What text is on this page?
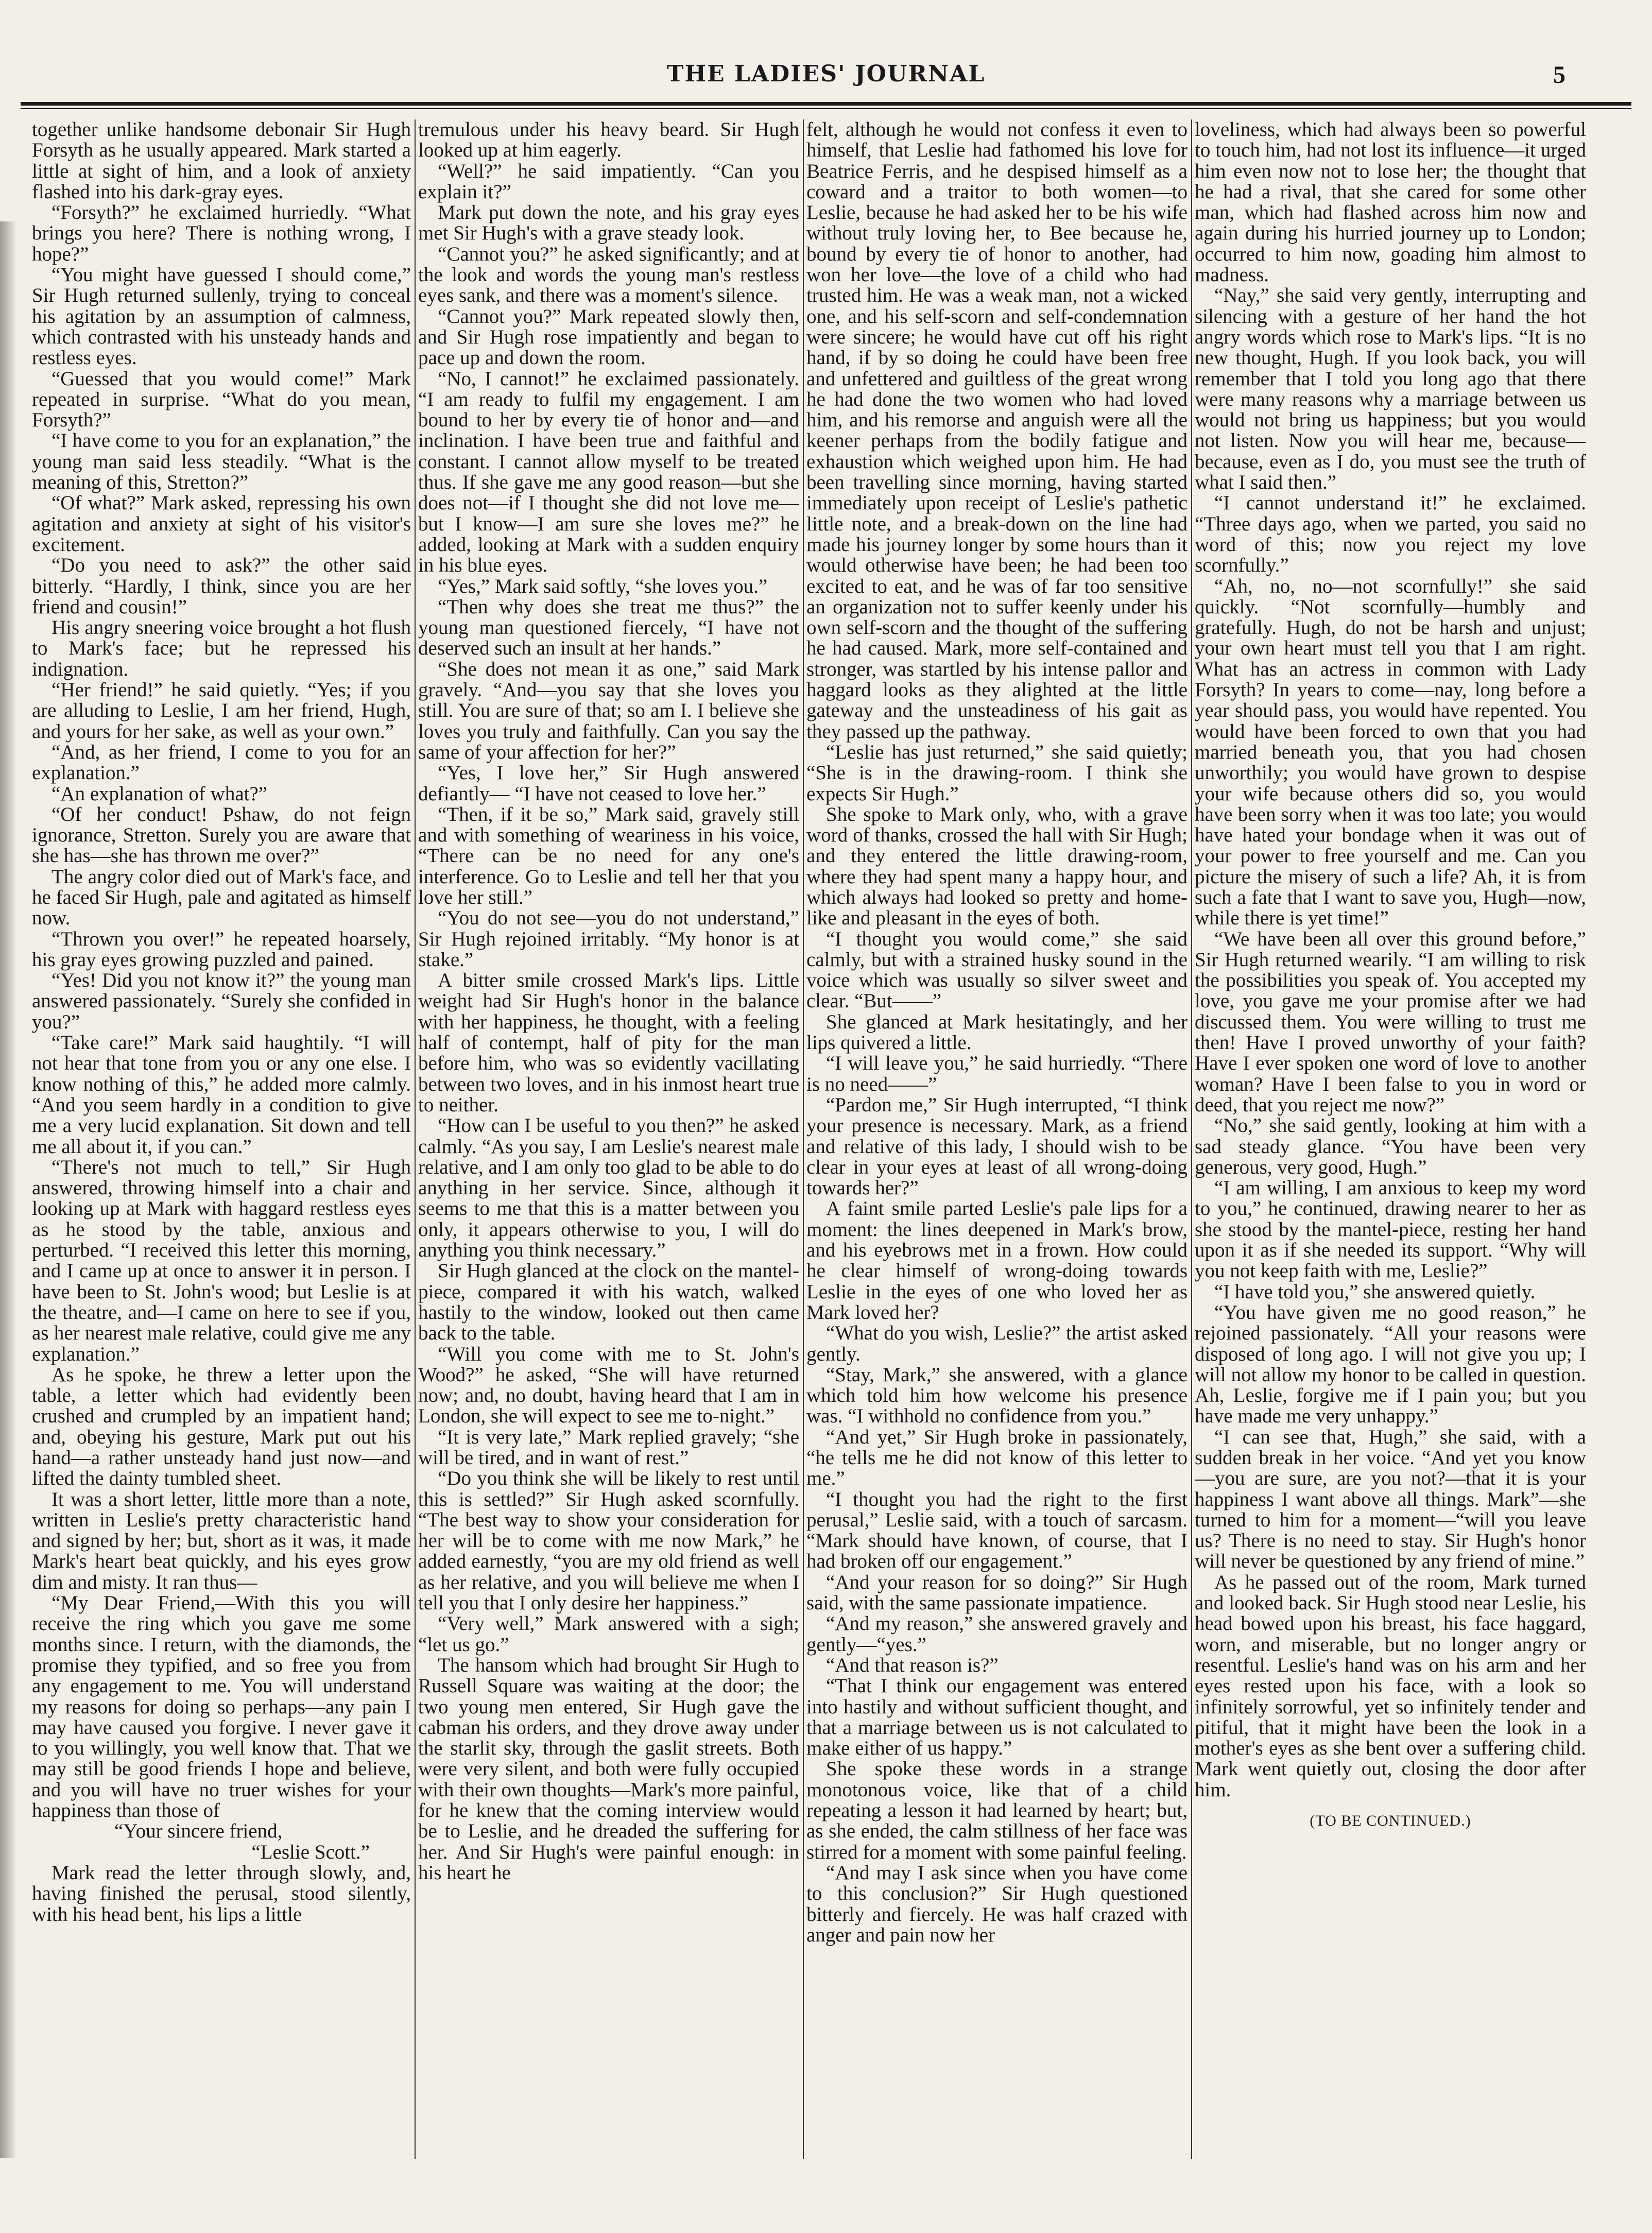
THE LADIES' JOURNAL	5

together unlike handsome debonair Sir Hugh Forsyth as he usually appeared. Mark started a little at sight of him, and a look of anxiety flashed into his dark-gray eyes.

“Forsyth?” he exclaimed hurriedly. “What brings you here? There is nothing wrong, I hope?”

“You might have guessed I should come,” Sir Hugh returned sullenly, trying to conceal his agitation by an assumption of calmness, which contrasted with his unsteady hands and restless eyes.

“Guessed that you would come!” Mark repeated in surprise. “What do you mean, Forsyth?”

“I have come to you for an explanation,” the young man said less steadily. “What is the meaning of this, Stretton?”

“Of what?” Mark asked, repressing his own agitation and anxiety at sight of his visitor's excitement.

“Do you need to ask?” the other said bitterly. “Hardly, I think, since you are her friend and cousin!”

His angry sneering voice brought a hot flush to Mark's face; but he repressed his indignation.

“Her friend!” he said quietly. “Yes; if you are alluding to Leslie, I am her friend, Hugh, and yours for her sake, as well as your own.”

“And, as her friend, I come to you for an explanation.”

“An explanation of what?”

“Of her conduct! Pshaw, do not feign ignorance, Stretton. Surely you are aware that she has—she has thrown me over?”

The angry color died out of Mark's face, and he faced Sir Hugh, pale and agitated as himself now.

“Thrown you over!” he repeated hoarsely, his gray eyes growing puzzled and pained.

“Yes! Did you not know it?” the young man answered passionately. “Surely she confided in you?”

“Take care!” Mark said haughtily. “I will not hear that tone from you or any one else. I know nothing of this,” he added more calmly. “And you seem hardly in a condition to give me a very lucid explanation. Sit down and tell me all about it, if you can.”

“There's not much to tell,” Sir Hugh answered, throwing himself into a chair and looking up at Mark with haggard restless eyes as he stood by the table, anxious and perturbed. “I received this letter this morning, and I came up at once to answer it in person. I have been to St. John's wood; but Leslie is at the theatre, and—I came on here to see if you, as her nearest male relative, could give me any explanation.”

As he spoke, he threw a letter upon the table, a letter which had evidently been crushed and crumpled by an impatient hand; and, obeying his gesture, Mark put out his hand—a rather unsteady hand just now—and lifted the dainty tumbled sheet.

It was a short letter, little more than a note, written in Leslie's pretty characteristic hand and signed by her; but, short as it was, it made Mark's heart beat quickly, and his eyes grow dim and misty. It ran thus—

“My Dear Friend,—With this you will receive the ring which you gave me some months since. I return, with the diamonds, the promise they typified, and so free you from any engagement to me. You will understand my reasons for doing so perhaps—any pain I may have caused you forgive. I never gave it to you willingly, you well know that. That we may still be good friends I hope and believe, and you will have no truer wishes for your happiness than those of

“Your sincere friend,

“Leslie Scott.”

Mark read the letter through slowly, and, having finished the perusal, stood silently, with his head bent, his lips a little

tremulous under his heavy beard. Sir Hugh looked up at him eagerly.

“Well?” he said impatiently. “Can you explain it?”

Mark put down the note, and his gray eyes met Sir Hugh's with a grave steady look.

“Cannot you?” he asked significantly; and at the look and words the young man's restless eyes sank, and there was a moment's silence.

“Cannot you?” Mark repeated slowly then, and Sir Hugh rose impatiently and began to pace up and down the room.

“No, I cannot!” he exclaimed passionately. “I am ready to fulfil my engagement. I am bound to her by every tie of honor and—and inclination. I have been true and faithful and constant. I cannot allow myself to be treated thus. If she gave me any good reason—but she does not—if I thought she did not love me—but I know—I am sure she loves me?” he added, looking at Mark with a sudden enquiry in his blue eyes.

“Yes,” Mark said softly, “she loves you.”

“Then why does she treat me thus?” the young man questioned fiercely, “I have not deserved such an insult at her hands.”

“She does not mean it as one,” said Mark gravely. “And—you say that she loves you still. You are sure of that; so am I. I believe she loves you truly and faithfully. Can you say the same of your affection for her?”

“Yes, I love her,” Sir Hugh answered defiantly— “I have not ceased to love her.”

“Then, if it be so,” Mark said, gravely still and with something of weariness in his voice, “There can be no need for any one's interference. Go to Leslie and tell her that you love her still.”

“You do not see—you do not understand,” Sir Hugh rejoined irritably. “My honor is at stake.”

A bitter smile crossed Mark's lips. Little weight had Sir Hugh's honor in the balance with her happiness, he thought, with a feeling half of contempt, half of pity for the man before him, who was so evidently vacillating between two loves, and in his inmost heart true to neither.

“How can I be useful to you then?” he asked calmly. “As you say, I am Leslie's nearest male relative, and I am only too glad to be able to do anything in her service. Since, although it seems to me that this is a matter between you only, it appears otherwise to you, I will do anything you think necessary.”

Sir Hugh glanced at the clock on the mantel-piece, compared it with his watch, walked hastily to the window, looked out then came back to the table.

“Will you come with me to St. John's Wood?” he asked, “She will have returned now; and, no doubt, having heard that I am in London, she will expect to see me to-night.”

“It is very late,” Mark replied gravely; “she will be tired, and in want of rest.”

“Do you think she will be likely to rest until this is settled?” Sir Hugh asked scornfully. “The best way to show your consideration for her will be to come with me now Mark,” he added earnestly, “you are my old friend as well as her relative, and you will believe me when I tell you that I only desire her happiness.”

“Very well,” Mark answered with a sigh; “let us go.”

The hansom which had brought Sir Hugh to Russell Square was waiting at the door; the two young men entered, Sir Hugh gave the cabman his orders, and they drove away under the starlit sky, through the gaslit streets. Both were very silent, and both were fully occupied with their own thoughts—Mark's more painful, for he knew that the coming interview would be to Leslie, and he dreaded the suffering for her. And Sir Hugh's were painful enough: in his heart he

felt, although he would not confess it even to himself, that Leslie had fathomed his love for Beatrice Ferris, and he despised himself as a coward and a traitor to both women—to Leslie, because he had asked her to be his wife without truly loving her, to Bee because he, bound by every tie of honor to another, had won her love—the love of a child who had trusted him. He was a weak man, not a wicked one, and his self-scorn and self-condemnation were sincere; he would have cut off his right hand, if by so doing he could have been free and unfettered and guiltless of the great wrong he had done the two women who had loved him, and his remorse and anguish were all the keener perhaps from the bodily fatigue and exhaustion which weighed upon him. He had been travelling since morning, having started immediately upon receipt of Leslie's pathetic little note, and a break-down on the line had made his journey longer by some hours than it would otherwise have been; he had been too excited to eat, and he was of far too sensitive an organization not to suffer keenly under his own self-scorn and the thought of the suffering he had caused. Mark, more self-contained and stronger, was startled by his intense pallor and haggard looks as they alighted at the little gateway and the unsteadiness of his gait as they passed up the pathway.

“Leslie has just returned,” she said quietly; “She is in the drawing-room. I think she expects Sir Hugh.”

She spoke to Mark only, who, with a grave word of thanks, crossed the hall with Sir Hugh; and they entered the little drawing-room, where they had spent many a happy hour, and which always had looked so pretty and home-like and pleasant in the eyes of both.

“I thought you would come,” she said calmly, but with a strained husky sound in the voice which was usually so silver sweet and clear. “But——”

She glanced at Mark hesitatingly, and her lips quivered a little.

“I will leave you,” he said hurriedly. “There is no need——”

“Pardon me,” Sir Hugh interrupted, “I think your presence is necessary. Mark, as a friend and relative of this lady, I should wish to be clear in your eyes at least of all wrong-doing towards her?”

A faint smile parted Leslie's pale lips for a moment: the lines deepened in Mark's brow, and his eyebrows met in a frown. How could he clear himself of wrong-doing towards Leslie in the eyes of one who loved her as Mark loved her?

“What do you wish, Leslie?” the artist asked gently.

“Stay, Mark,” she answered, with a glance which told him how welcome his presence was. “I withhold no confidence from you.”

“And yet,” Sir Hugh broke in passionately, “he tells me he did not know of this letter to me.”

“I thought you had the right to the first perusal,” Leslie said, with a touch of sarcasm. “Mark should have known, of course, that I had broken off our engagement.”

“And your reason for so doing?” Sir Hugh said, with the same passionate impatience.

“And my reason,” she answered gravely and gently—“yes.”

“And that reason is?”

“That I think our engagement was entered into hastily and without sufficient thought, and that a marriage between us is not calculated to make either of us happy.”

She spoke these words in a strange monotonous voice, like that of a child repeating a lesson it had learned by heart; but, as she ended, the calm stillness of her face was stirred for a moment with some painful feeling.

“And may I ask since when you have come to this conclusion?” Sir Hugh questioned bitterly and fiercely. He was half crazed with anger and pain now her

loveliness, which had always been so powerful to touch him, had not lost its influence—it urged him even now not to lose her; the thought that he had a rival, that she cared for some other man, which had flashed across him now and again during his hurried journey up to London; occurred to him now, goading him almost to madness.

“Nay,” she said very gently, interrupting and silencing with a gesture of her hand the hot angry words which rose to Mark's lips. “It is no new thought, Hugh. If you look back, you will remember that I told you long ago that there were many reasons why a marriage between us would not bring us happiness; but you would not listen. Now you will hear me, because—because, even as I do, you must see the truth of what I said then.”

“I cannot understand it!” he exclaimed. “Three days ago, when we parted, you said no word of this; now you reject my love scornfully.”

“Ah, no, no—not scornfully!” she said quickly. “Not scornfully—humbly and gratefully. Hugh, do not be harsh and unjust; your own heart must tell you that I am right. What has an actress in common with Lady Forsyth? In years to come—nay, long before a year should pass, you would have repented. You would have been forced to own that you had married beneath you, that you had chosen unworthily; you would have grown to despise your wife because others did so, you would have been sorry when it was too late; you would have hated your bondage when it was out of your power to free yourself and me. Can you picture the misery of such a life? Ah, it is from such a fate that I want to save you, Hugh—now, while there is yet time!”

“We have been all over this ground before,” Sir Hugh returned wearily. “I am willing to risk the possibilities you speak of. You accepted my love, you gave me your promise after we had discussed them. You were willing to trust me then! Have I proved unworthy of your faith? Have I ever spoken one word of love to another woman? Have I been false to you in word or deed, that you reject me now?”

“No,” she said gently, looking at him with a sad steady glance. “You have been very generous, very good, Hugh.”

“I am willing, I am anxious to keep my word to you,” he continued, drawing nearer to her as she stood by the mantel-piece, resting her hand upon it as if she needed its support. “Why will you not keep faith with me, Leslie?”

“I have told you,” she answered quietly.

“You have given me no good reason,” he rejoined passionately. “All your reasons were disposed of long ago. I will not give you up; I will not allow my honor to be called in question. Ah, Leslie, forgive me if I pain you; but you have made me very unhappy.”

“I can see that, Hugh,” she said, with a sudden break in her voice. “And yet you know—you are sure, are you not?—that it is your happiness I want above all things. Mark”—she turned to him for a moment—“will you leave us? There is no need to stay. Sir Hugh's honor will never be questioned by any friend of mine.”

As he passed out of the room, Mark turned and looked back. Sir Hugh stood near Leslie, his head bowed upon his breast, his face haggard, worn, and miserable, but no longer angry or resentful. Leslie's hand was on his arm and her eyes rested upon his face, with a look so infinitely sorrowful, yet so infinitely tender and pitiful, that it might have been the look in a mother's eyes as she bent over a suffering child. Mark went quietly out, closing the door after him.

(TO BE CONTINUED.)
